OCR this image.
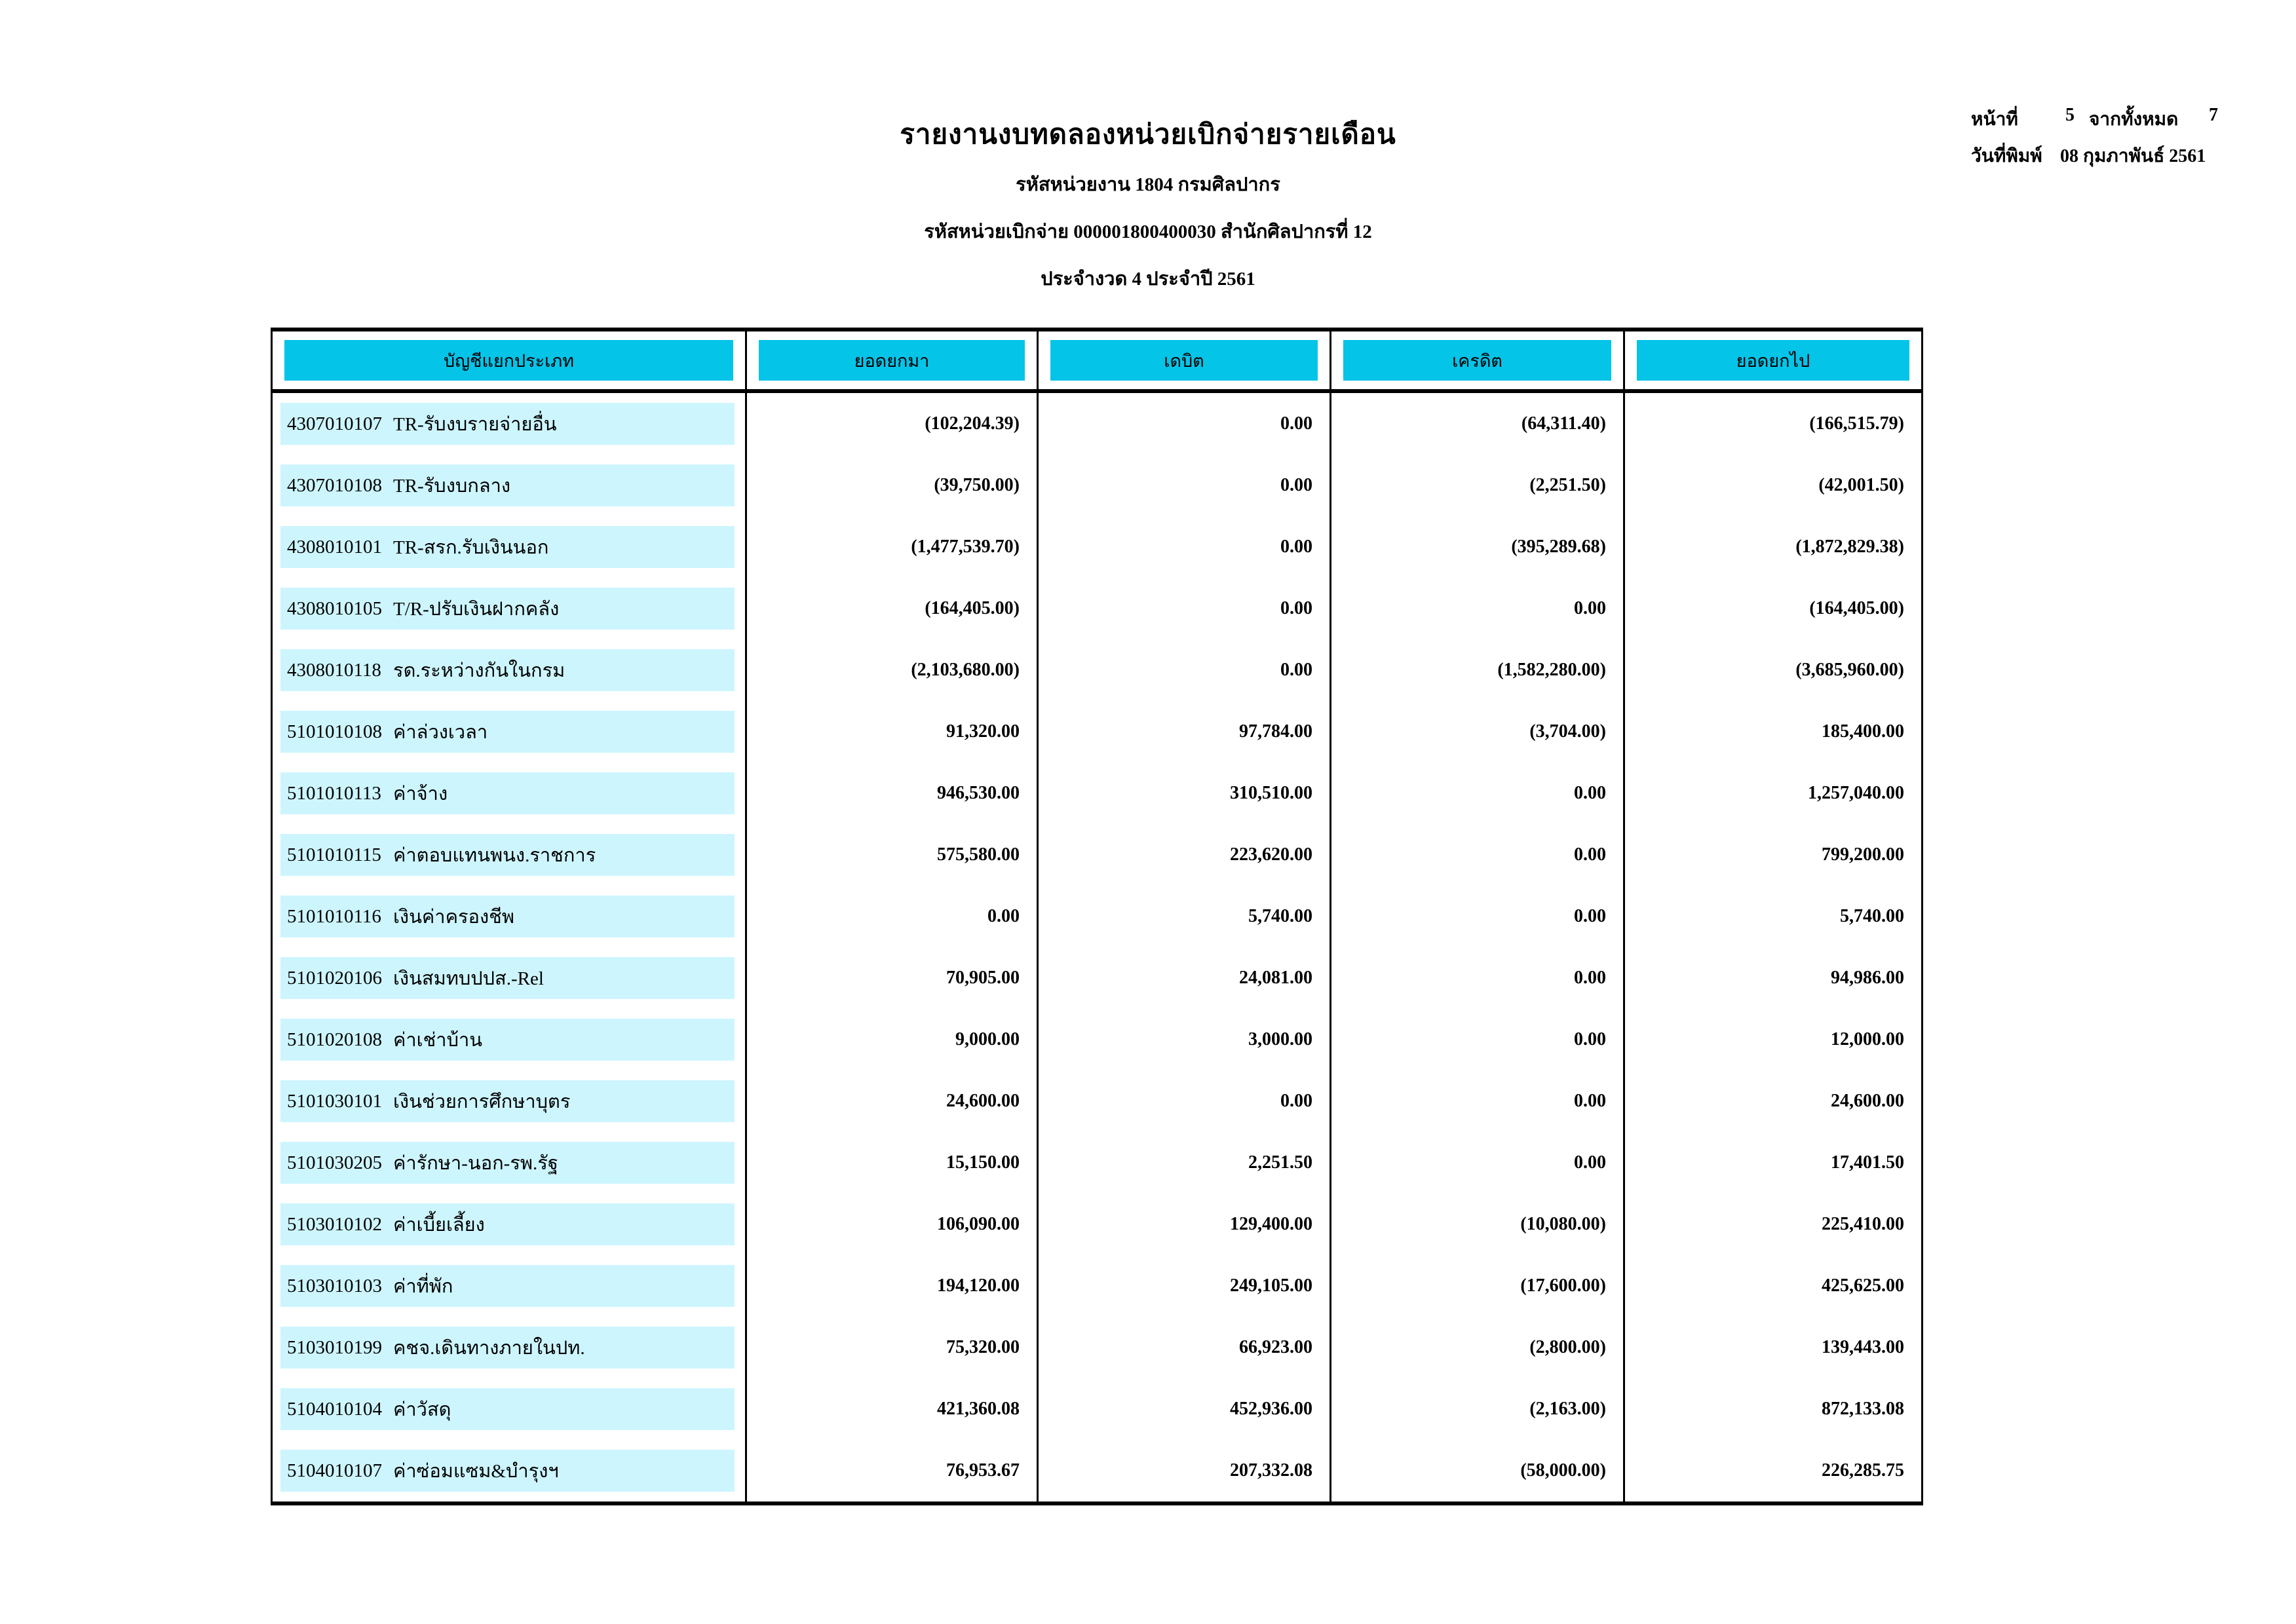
รายงานงบทดลองหน่วยเบิกจ่ายรายเดือน
รหัสหน่วยงาน 1804 กรมศิลปากร
รหัสหน่วยเบิกจ่าย 000001800400030 สำนักศิลปากรที่ 12
ประจำงวด 4 ประจำปี 2561
หน้าที่	5 จากทั้งหมด	7
วันที่พิมพ์ 08 กุมภาพันธ์ 2561
บัญชีแยกประเภท	ยอดยกมา	เดบิต	เครดิต	ยอดยกไป
4307010107 TR-รับงบรายจ่ายอื่น	(102,204.39)	0.00	(64,311.40)	(166,515.79)
4307010108 TR-รับงบกลาง	(39,750.00)	0.00	(2,251.50)	(42,001.50)
4308010101 TR-สรก.รับเงินนอก	(1,477,539.70)	0.00	(395,289.68)	(1,872,829.38)
4308010105 T/R-ปรับเงินฝากคลัง	(164,405.00)	0.00	0.00	(164,405.00)
4308010118 รด.ระหว่างกันในกรม	(2,103,680.00)	0.00	(1,582,280.00)	(3,685,960.00)
5101010108 ค่าล่วงเวลา	91,320.00	97,784.00	(3,704.00)	185,400.00
5101010113 ค่าจ้าง	946,530.00	310,510.00	0.00	1,257,040.00
5101010115 ค่าตอบแทนพนง.ราชการ	575,580.00	223,620.00	0.00	799,200.00
5101010116 เงินค่าครองชีพ	0.00	5,740.00	0.00	5,740.00
5101020106 เงินสมทบปปส.-Rel	70,905.00	24,081.00	0.00	94,986.00
5101020108 ค่าเช่าบ้าน	9,000.00	3,000.00	0.00	12,000.00
5101030101 เงินช่วยการศึกษาบุตร	24,600.00	0.00	0.00	24,600.00
5101030205 ค่ารักษา-นอก-รพ.รัฐ	15,150.00	2,251.50	0.00	17,401.50
5103010102 ค่าเบี้ยเลี้ยง	106,090.00	129,400.00	(10,080.00)	225,410.00
5103010103 ค่าที่พัก	194,120.00	249,105.00	(17,600.00)	425,625.00
5103010199 คชจ.เดินทางภายในปท.	75,320.00	66,923.00	(2,800.00)	139,443.00
5104010104 ค่าวัสดุ	421,360.08	452,936.00	(2,163.00)	872,133.08
5104010107 ค่าซ่อมแซม&บำรุงฯ	76,953.67	207,332.08	(58,000.00)	226,285.75
